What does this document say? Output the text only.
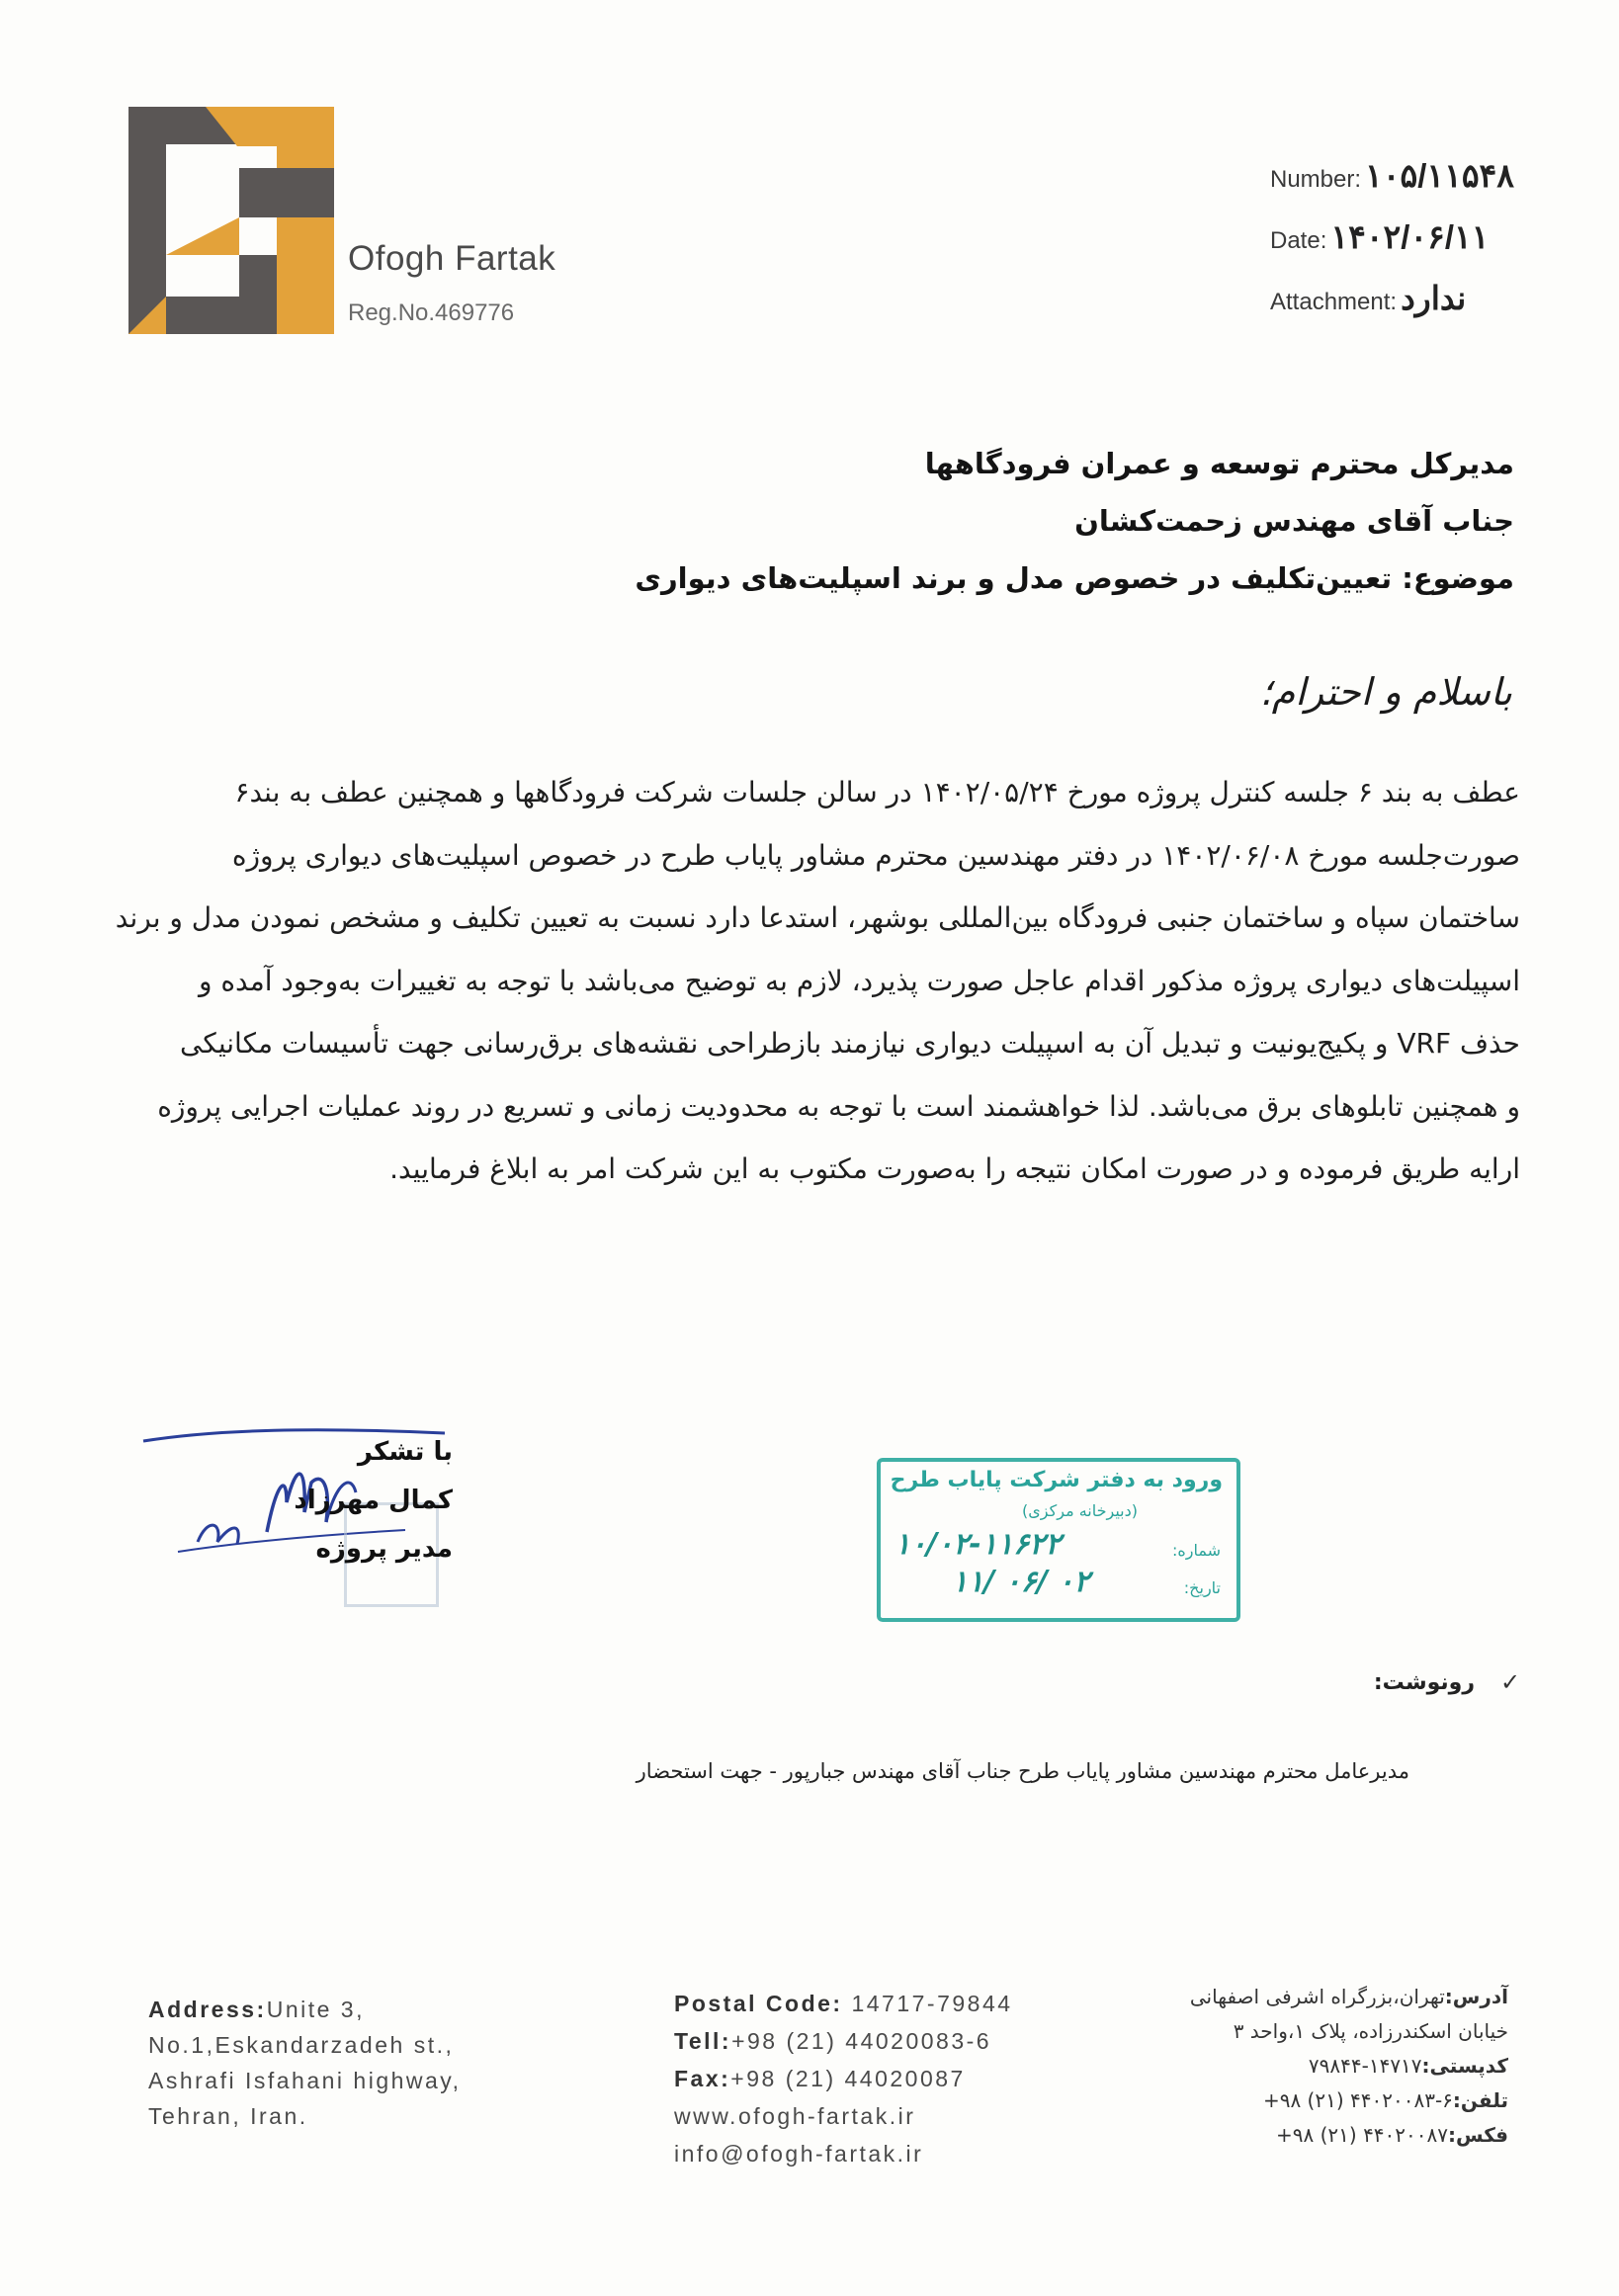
Ofogh Fartak
Reg.No.469776
Number: ۱۰۵/۱۱۵۴۸
Date: ۱۴۰۲/۰۶/۱۱
Attachment: ندارد
مدیرکل محترم توسعه و عمران فرودگاهها
جناب آقای مهندس زحمت‌کشان
موضوع: تعیین‌تکلیف در خصوص مدل و برند اسپلیت‌های دیواری
باسلام و احترام؛
عطف به بند ۶ جلسه کنترل پروژه مورخ ۱۴۰۲/۰۵/۲۴ در سالن جلسات شرکت فرودگاهها و همچنین عطف به بند۶
صورت‌جلسه مورخ ۱۴۰۲/۰۶/۰۸ در دفتر مهندسین محترم مشاور پایاب طرح در خصوص اسپلیت‌های دیواری پروژه
ساختمان سپاه و ساختمان جنبی فرودگاه بین‌المللی بوشهر، استدعا دارد نسبت به تعیین تکلیف و مشخص نمودن مدل و برند
اسپیلت‌های دیواری پروژه مذکور اقدام عاجل صورت پذیرد، لازم به توضیح می‌باشد با توجه به تغییرات به‌وجود آمده و
حذف VRF و پکیج‌یونیت و تبدیل آن به اسپیلت دیواری نیازمند بازطراحی نقشه‌های برق‌رسانی جهت تأسیسات مکانیکی
و همچنین تابلوهای برق می‌باشد. لذا خواهشمند است با توجه به محدودیت زمانی و تسریع در روند عملیات اجرایی پروژه
ارایه طریق فرموده و در صورت امکان نتیجه را به‌صورت مکتوب به این شرکت امر به ابلاغ فرمایید.
با تشکر
کمال مهرزاد
مدیر پروژه
ورود به دفتر شرکت پایاب طرح
(دبیرخانه مرکزی)
شماره:
۱۰/۰۲-۱۱۶۲۲
تاریخ:
۱۱/ ۰۶/ ۰۲
✓
رونوشت:
مدیرعامل محترم مهندسین مشاور پایاب طرح جناب آقای مهندس جبارپور - جهت استحضار
Address:Unite 3,
No.1,Eskandarzadeh st.,
Ashrafi Isfahani highway,
Tehran, Iran.
Postal Code: 14717-79844
Tell:+98 (21) 44020083-6
Fax:+98 (21) 44020087
www.ofogh-fartak.ir
info@ofogh-fartak.ir
آدرس:تهران،بزرگراه اشرفی اصفهانی
خیابان اسکندرزاده، پلاک ۱،واحد ۳
کدپستی:۱۴۷۱۷-۷۹۸۴۴
تلفن:۶-۴۴۰۲۰۰۸۳ (۲۱) ۹۸+
فکس:۴۴۰۲۰۰۸۷ (۲۱) ۹۸+
